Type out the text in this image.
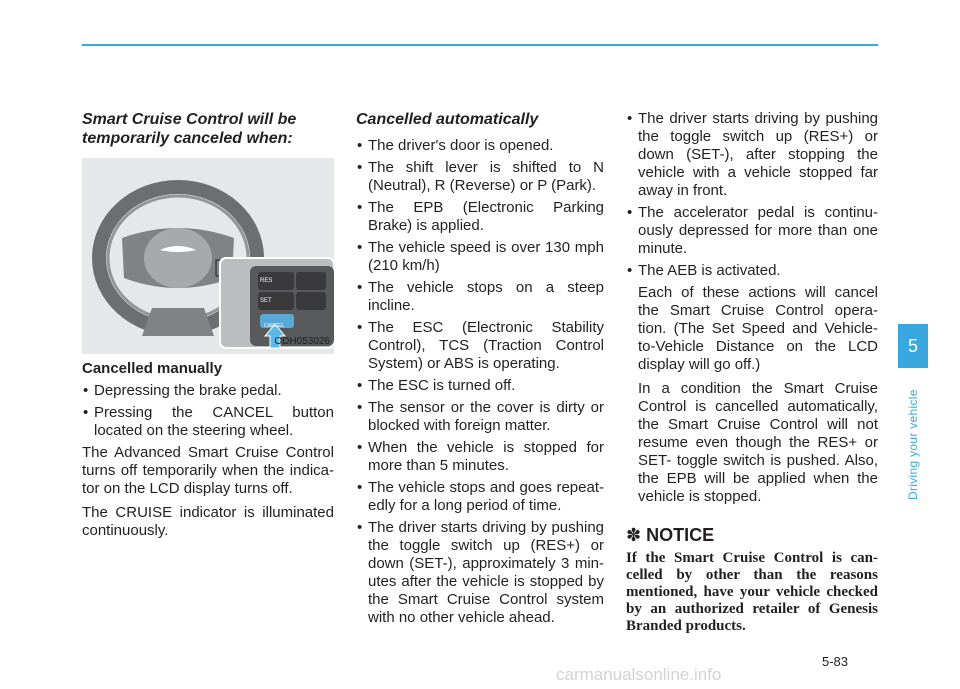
Smart Cruise Control will be temporarily canceled when:
RES
SET
CANCEL
ODH053026
Cancelled manually
• Depressing the brake pedal.
• Pressing the CANCEL button located on the steering wheel.

The Advanced Smart Cruise Control turns off temporarily when the indica-tor on the LCD display turns off.

The CRUISE indicator is illuminated continuously.

Cancelled automatically
• The driver's door is opened.
• The shift lever is shifted to N (Neutral), R (Reverse) or P (Park).
• The EPB (Electronic Parking Brake) is applied.
• The vehicle speed is over 130 mph (210 km/h)
• The vehicle stops on a steep incline.
• The ESC (Electronic Stability Control), TCS (Traction Control System) or ABS is operating.
• The ESC is turned off.
• The sensor or the cover is dirty or blocked with foreign matter.
• When the vehicle is stopped for more than 5 minutes.
• The vehicle stops and goes repeat-edly for a long period of time.
• The driver starts driving by pushing the toggle switch up (RES+) or down (SET-), approximately 3 min-utes after the vehicle is stopped by the Smart Cruise Control system with no other vehicle ahead.
• The driver starts driving by pushing the toggle switch up (RES+) or down (SET-), after stopping the vehicle with a vehicle stopped far away in front.
• The accelerator pedal is continu-ously depressed for more than one minute.
• The AEB is activated.

Each of these actions will cancel the Smart Cruise Control opera-tion. (The Set Speed and Vehicle-to-Vehicle Distance on the LCD display will go off.)

In a condition the Smart Cruise Control is cancelled automatically, the Smart Cruise Control will not resume even though the RES+ or SET- toggle switch is pushed. Also, the EPB will be applied when the vehicle is stopped.

✽ NOTICE
If the Smart Cruise Control is can-celled by other than the reasons mentioned, have your vehicle checked by an authorized retailer of Genesis Branded products.
5
Driving your vehicle
5-83
carmanualsonline.info
